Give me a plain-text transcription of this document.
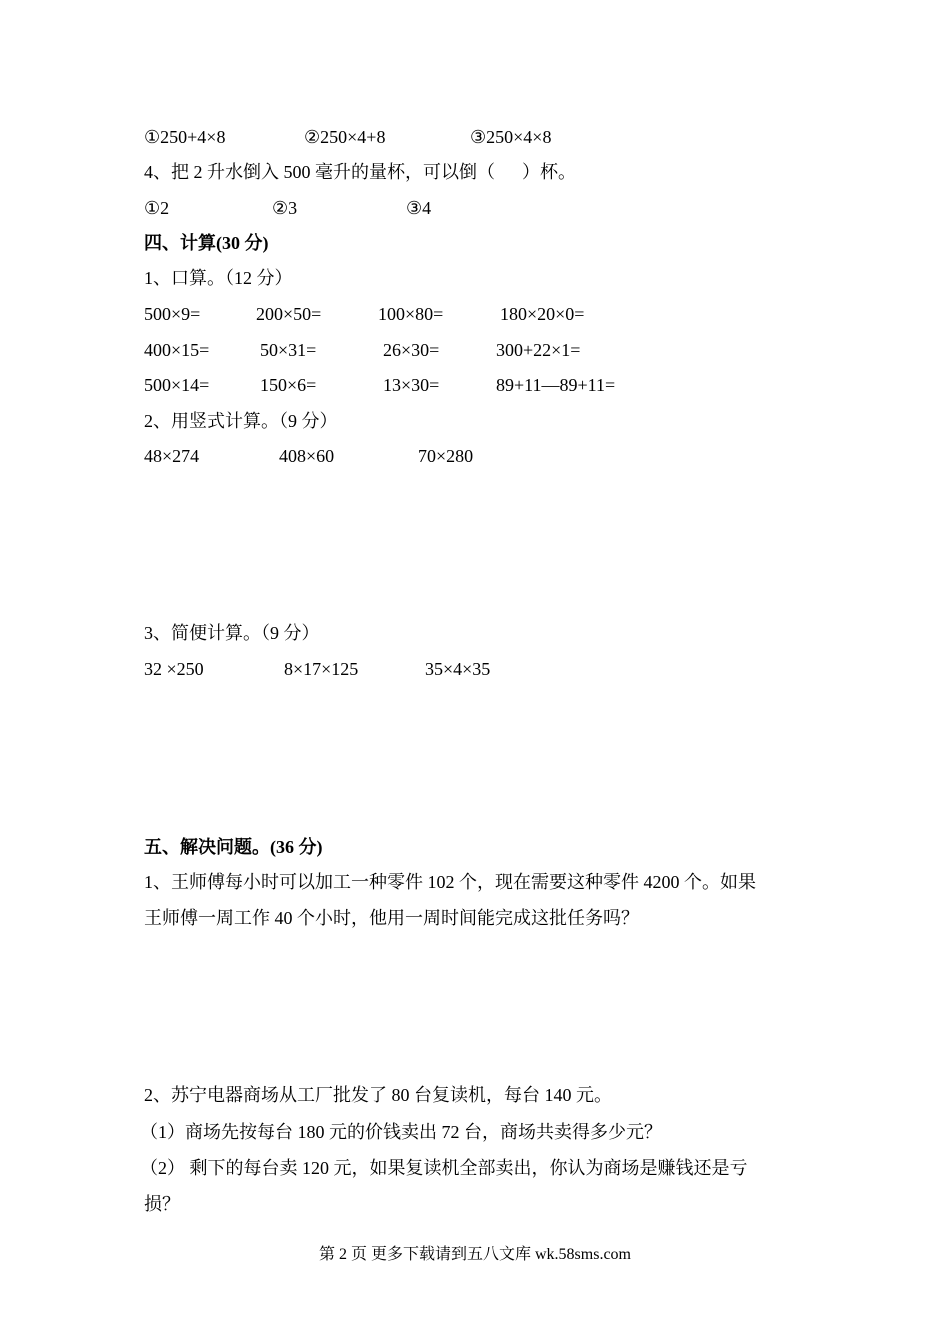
①250+4×8	②250×4+8	③250×4×8
4、把 2 升水倒入 500 毫升的量杯，可以倒（      ）杯。
①2	②3	③4
四、计算(30 分)
1、口算。（12 分）
500×9=	200×50=	100×80=	180×20×0=
400×15=	50×31=	26×30=	300+22×1=
500×14=	150×6=	13×30=	89+11—89+11=
2、用竖式计算。（9 分）
48×274	408×60	70×280
3、简便计算。（9 分）
32 ×250	8×17×125	35×4×35
五、解决问题。(36 分)
1、王师傅每小时可以加工一种零件 102 个，现在需要这种零件 4200 个。如果
王师傅一周工作 40 个小时，他用一周时间能完成这批任务吗？
2、苏宁电器商场从工厂批发了 80 台复读机，每台 140 元。
（1）商场先按每台 180 元的价钱卖出 72 台，商场共卖得多少元？
（2） 剩下的每台卖 120 元，如果复读机全部卖出，你认为商场是赚钱还是亏
损？
第 2 页 更多下载请到五八文库 wk.58sms.com
